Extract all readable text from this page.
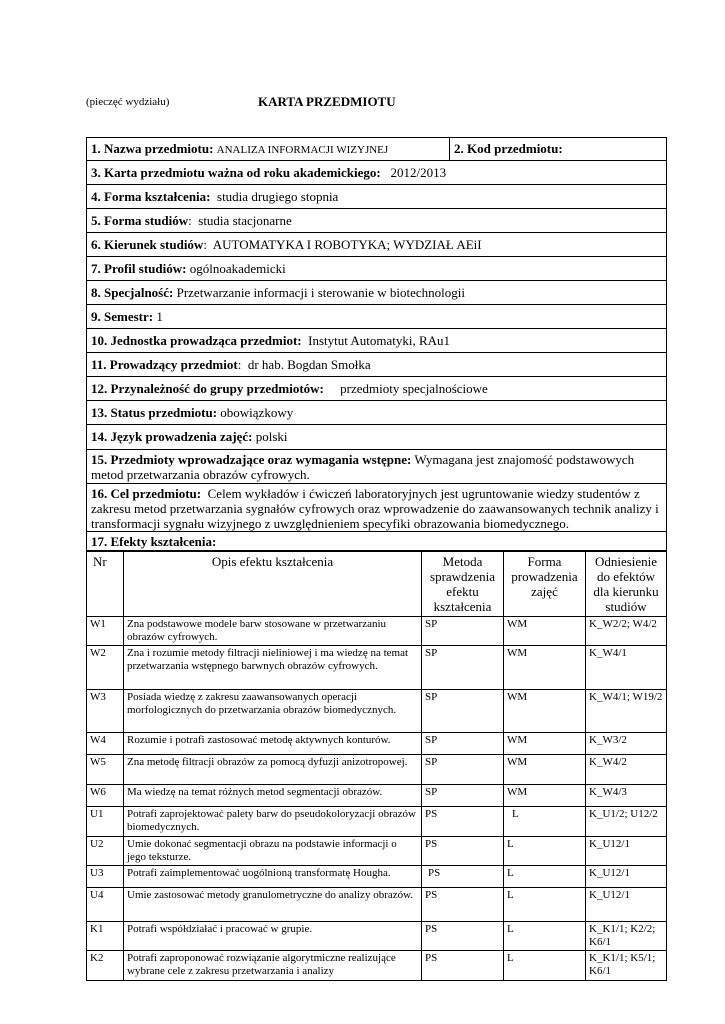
(pieczęć wydziału)	KARTA PRZEDMIOTU
1. Nazwa przedmiotu: ANALIZA INFORMACJI WIZYJNEJ	2. Kod przedmiotu:
3. Karta przedmiotu ważna od roku akademickiego: 2012/2013
4. Forma kształcenia: studia drugiego stopnia
5. Forma studiów:  studia stacjonarne
6. Kierunek studiów:  AUTOMATYKA I ROBOTYKA; WYDZIAŁ AEiI
7. Profil studiów: ogólnoakademicki
8. Specjalność: Przetwarzanie informacji i sterowanie w biotechnologii
9. Semestr: 1
10. Jednostka prowadząca przedmiot: Instytut Automatyki, RAu1
11. Prowadzący przedmiot:  dr hab. Bogdan Smołka
12. Przynależność do grupy przedmiotów: przedmioty specjalnościowe
13. Status przedmiotu: obowiązkowy
14. Język prowadzenia zajęć: polski
15. Przedmioty wprowadzające oraz wymagania wstępne: Wymagana jest znajomość podstawowych metod przetwarzania obrazów cyfrowych.
16. Cel przedmiotu: Celem wykładów i ćwiczeń laboratoryjnych jest ugruntowanie wiedzy studentów z zakresu metod przetwarzania sygnałów cyfrowych oraz wprowadzenie do zaawansowanych technik analizy i transformacji sygnału wizyjnego z uwzględnieniem specyfiki obrazowania biomedycznego.
17. Efekty kształcenia:
Nr	Opis efektu kształcenia	Metoda sprawdzenia efektu kształcenia	Forma prowadzenia zajęć	Odniesienie do efektów dla kierunku studiów
W1	Zna podstawowe modele barw stosowane w przetwarzaniu obrazów cyfrowych.	SP	WM	K_W2/2; W4/2
W2	Zna i rozumie metody filtracji nieliniowej i ma wiedzę na temat przetwarzania wstępnego barwnych obrazów cyfrowych.	SP	WM	K_W4/1
W3	Posiada wiedzę z zakresu zaawansowanych operacji morfologicznych do przetwarzania obrazów biomedycznych.	SP	WM	K_W4/1; W19/2
W4	Rozumie i potrafi zastosować metodę aktywnych konturów.	SP	WM	K_W3/2
W5	Zna metodę filtracji obrazów za pomocą dyfuzji anizotropowej.	SP	WM	K_W4/2
W6	Ma wiedzę na temat różnych metod segmentacji obrazów.	SP	WM	K_W4/3
U1	Potrafi zaprojektować palety barw do pseudokoloryzacji obrazów biomedycznych.	PS	L	K_U1/2; U12/2
U2	Umie dokonać segmentacji obrazu na podstawie informacji o jego teksturze.	PS	L	K_U12/1
U3	Potrafi zaimplementować uogólnioną transformatę Hougha.	PS	L	K_U12/1
U4	Umie zastosować metody granulometryczne do analizy obrazów.	PS	L	K_U12/1
K1	Potrafi współdziałać i pracować w grupie.	PS	L	K_K1/1; K2/2; K6/1
K2	Potrafi zaproponować rozwiązanie algorytmiczne realizujące wybrane cele z zakresu przetwarzania i analizy	PS	L	K_K1/1; K5/1; K6/1
